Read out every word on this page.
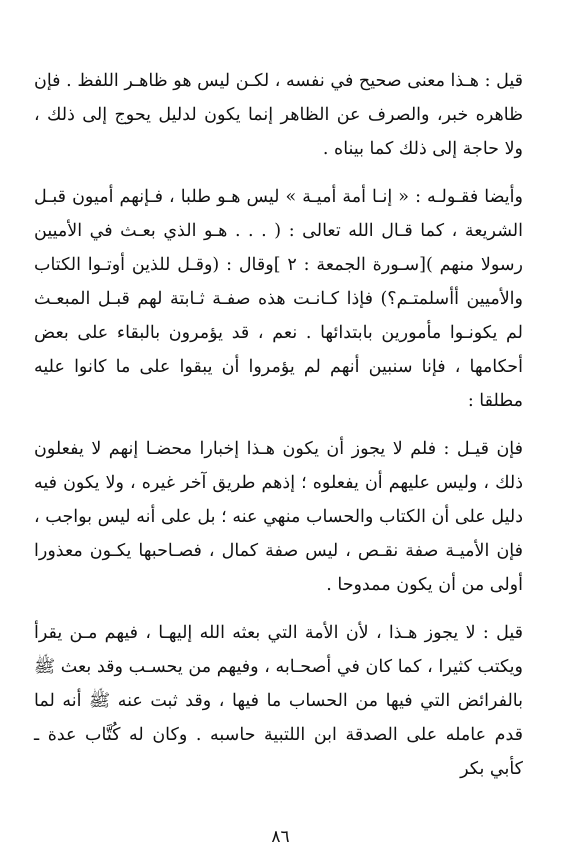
قيل : هـذا معنى صحيح في نفسه ، لكـن ليس هو ظاهـر اللفظ . فإن ظاهره خبر، والصرف عن الظاهر إنما يكون لدليل يحوج إلى ذلك ، ولا حاجة إلى ذلك كما بيناه .

وأيضا فقـولـه : « إنـا أمة أميـة » ليس هـو طلبا ، فـإنهم أميون قبـل الشريعة ، كما قـال الله تعالى : ( . . . هـو الذي بعـث في الأميين رسولا منهم )[سـورة الجمعة : ٢ ]وقال : (وقـل للذين أوتـوا الكتاب والأميين أأسلمتـم؟) فإذا كـانـت هذه صفـة ثـابتة لهم قبـل المبعـث لم يكونـوا مأمورين بابتدائها . نعم ، قد يؤمرون بالبقاء على بعض أحكامها ، فإنا سنبين أنهم لم يؤمروا أن يبقوا على ما كانوا عليه مطلقا :

فإن قيـل : فلم لا يجوز أن يكون هـذا إخبارا محضـا إنهم لا يفعلون ذلك ، وليس عليهم أن يفعلوه ؛ إذهم طريق آخر غيره ، ولا يكون فيه دليل على أن الكتاب والحساب منهي عنه ؛ بل على أنه ليس بواجب ، فإن الأميـة صفة نقـص ، ليس صفة كمال ، فصـاحبها يكـون معذورا أولى من أن يكون ممدوحا .

قيل : لا يجوز هـذا ، لأن الأمة التي بعثه الله إليهـا ، فيهم مـن يقرأ ويكتب كثيرا ، كما كان في أصحـابه ، وفيهم من يحسـب وقد بعث ﷺ بالفرائض التي فيها من الحساب ما فيها ، وقد ثبت عنه ﷺ أنه لما قدم عامله على الصدقة ابن اللتبية حاسبه . وكان له كُتَّاب عدة ـ كأبي بكر

٨٦
